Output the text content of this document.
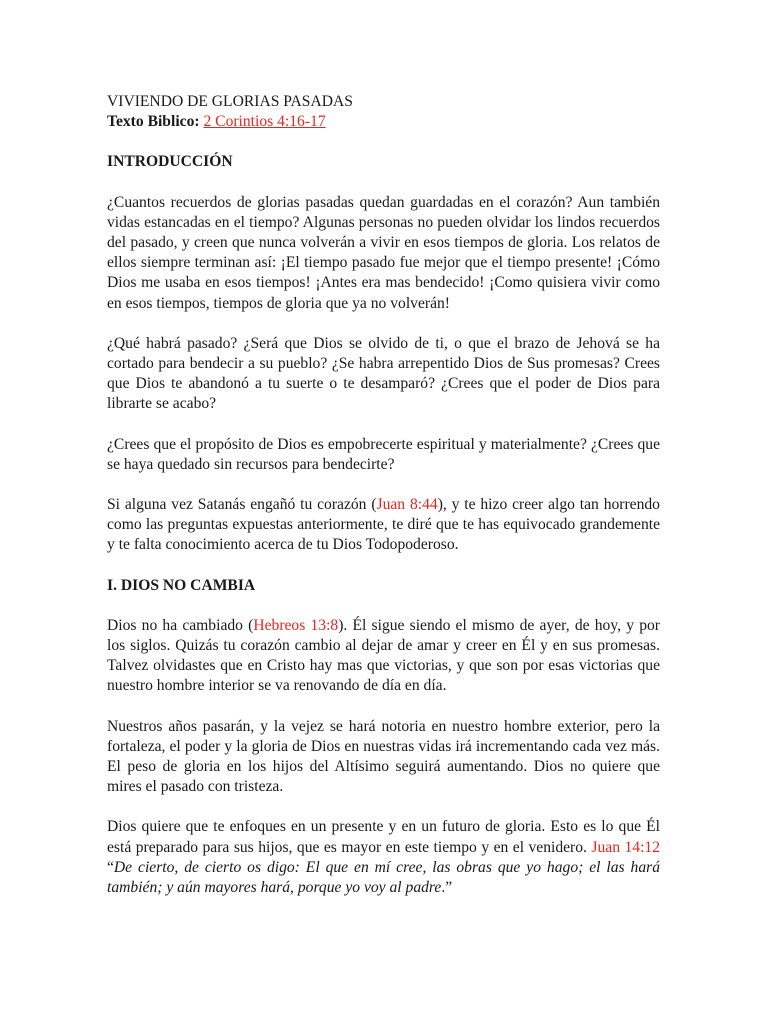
VIVIENDO DE GLORIAS PASADAS

Texto Biblico: 2 Corintios 4:16-17

INTRODUCCIÓN

¿Cuantos recuerdos de glorias pasadas quedan guardadas en el corazón? Aun también vidas estancadas en el tiempo? Algunas personas no pueden olvidar los lindos recuerdos del pasado, y creen que nunca volverán a vivir en esos tiempos de gloria. Los relatos de ellos siempre terminan así: ¡El tiempo pasado fue mejor que el tiempo presente! ¡Cómo Dios me usaba en esos tiempos! ¡Antes era mas bendecido! ¡Como quisiera vivir como en esos tiempos, tiempos de gloria que ya no volverán!

¿Qué habrá pasado? ¿Será que Dios se olvido de ti, o que el brazo de Jehová se ha cortado para bendecir a su pueblo? ¿Se habra arrepentido Dios de Sus promesas? Crees que Dios te abandonó a tu suerte o te desamparó? ¿Crees que el poder de Dios para librarte se acabo?

¿Crees que el propósito de Dios es empobrecerte espiritual y materialmente? ¿Crees que se haya quedado sin recursos para bendecirte?

Si alguna vez Satanás engañó tu corazón (Juan 8:44), y te hizo creer algo tan horrendo como las preguntas expuestas anteriormente, te diré que te has equivocado grandemente y te falta conocimiento acerca de tu Dios Todopoderoso.

I. DIOS NO CAMBIA

Dios no ha cambiado (Hebreos 13:8). Él sigue siendo el mismo de ayer, de hoy, y por los siglos. Quizás tu corazón cambio al dejar de amar y creer en Él y en sus promesas. Talvez olvidastes que en Cristo hay mas que victorias, y que son por esas victorias que nuestro hombre interior se va renovando de día en día.

Nuestros años pasarán, y la vejez se hará notoria en nuestro hombre exterior, pero la fortaleza, el poder y la gloria de Dios en nuestras vidas irá incrementando cada vez más. El peso de gloria en los hijos del Altísimo seguirá aumentando. Dios no quiere que mires el pasado con tristeza.

Dios quiere que te enfoques en un presente y en un futuro de gloria. Esto es lo que Él está preparado para sus hijos, que es mayor en este tiempo y en el venidero. Juan 14:12 “De cierto, de cierto os digo: El que en mí cree, las obras que yo hago; el las hará también; y aún mayores hará, porque yo voy al padre.”
